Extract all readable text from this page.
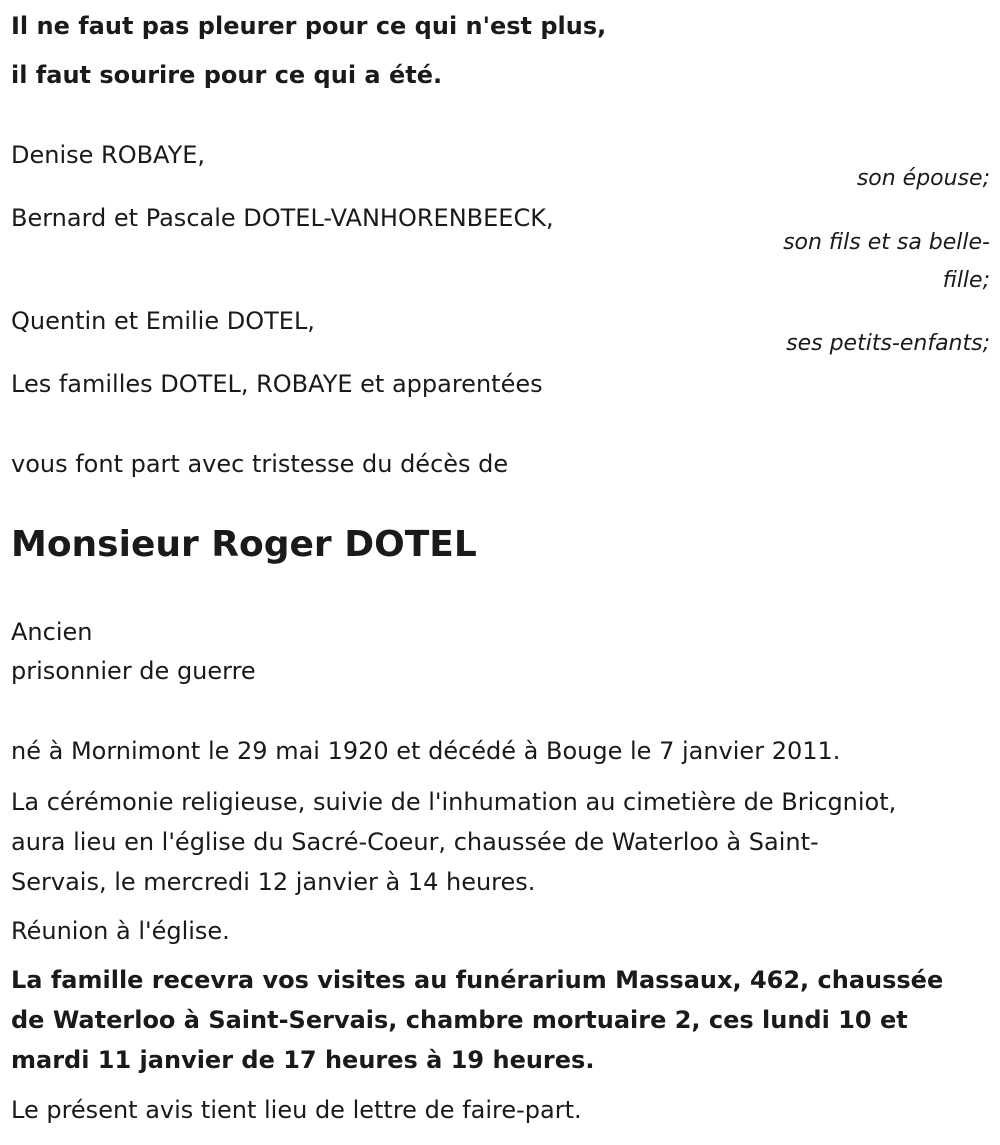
Il ne faut pas pleurer pour ce qui n'est plus,
il faut sourire pour ce qui a été.
Denise ROBAYE,
son épouse;
Bernard et Pascale DOTEL-VANHORENBEECK,
son fils et sa belle-
fille;
Quentin et Emilie DOTEL,
ses petits-enfants;
Les familles DOTEL, ROBAYE et apparentées
vous font part avec tristesse du décès de
Monsieur Roger DOTEL
Ancien
prisonnier de guerre
né à Mornimont le 29 mai 1920 et décédé à Bouge le 7 janvier 2011.
La cérémonie religieuse, suivie de l'inhumation au cimetière de Bricgniot,
aura lieu en l'église du Sacré-Coeur, chaussée de Waterloo à Saint-
Servais, le mercredi 12 janvier à 14 heures.
Réunion à l'église.
La famille recevra vos visites au funérarium Massaux, 462, chaussée
de Waterloo à Saint-Servais, chambre mortuaire 2, ces lundi 10 et
mardi 11 janvier de 17 heures à 19 heures.
Le présent avis tient lieu de lettre de faire-part.
